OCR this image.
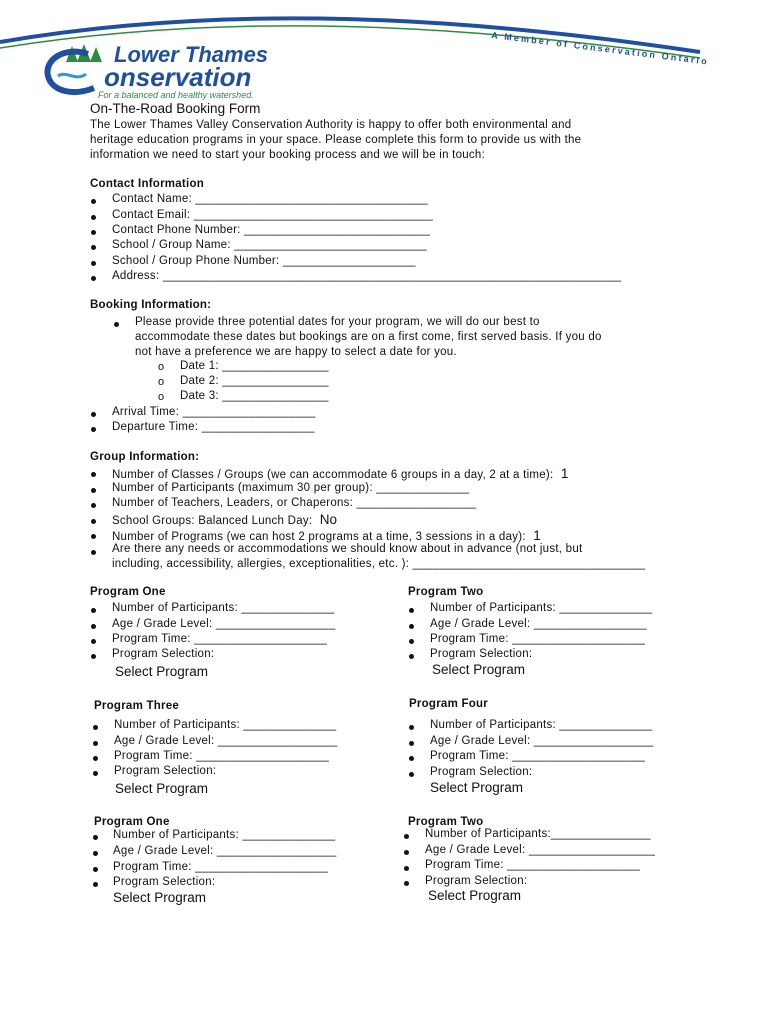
A Member of Conservation Ontario
Lower Thames
onservation
For a balanced and healthy watershed.
On-The-Road Booking Form
The Lower Thames Valley Conservation Authority is happy to offer both environmental and
heritage education programs in your space. Please complete this form to provide us with the
information we need to start your booking process and we will be in touch:
Contact Information
Contact Name: ___________________________________
Contact Email: ____________________________________
Contact Phone Number: ____________________________
School / Group Name: _____________________________
School / Group Phone Number: ____________________
Address: _____________________________________________________________________
Booking Information:
Please provide three potential dates for your program, we will do our best to
accommodate these dates but bookings are on a first come, first served basis. If you do
not have a preference we are happy to select a date for you.
o Date 1: ________________
o Date 2: ________________
o Date 3: ________________
Arrival Time: ____________________
Departure Time: _________________
Group Information:
Number of Classes / Groups (we can accommodate 6 groups in a day, 2 at a time): 1
Number of Participants (maximum 30 per group): ______________
Number of Teachers, Leaders, or Chaperons: __________________
School Groups: Balanced Lunch Day: No
Number of Programs (we can host 2 programs at a time, 3 sessions in a day): 1
Are there any needs or accommodations we should know about in advance (not just, but
including, accessibility, allergies, exceptionalities, etc. ): ___________________________________
Program One
Number of Participants: ______________
Age / Grade Level: __________________
Program Time: ____________________
Program Selection:
Select Program
Program Two
Number of Participants: ______________
Age / Grade Level: _________________
Program Time: ____________________
Program Selection:
Select Program
Program Three
Number of Participants: ______________
Age / Grade Level: __________________
Program Time: ____________________
Program Selection:
Select Program
Program Four
Number of Participants: ______________
Age / Grade Level: __________________
Program Time: ____________________
Program Selection:
Select Program
Program One
Number of Participants: ______________
Age / Grade Level: __________________
Program Time: ____________________
Program Selection:
Select Program
Program Two
Number of Participants:_______________
Age / Grade Level: ___________________
Program Time: ____________________
Program Selection:
Select Program
